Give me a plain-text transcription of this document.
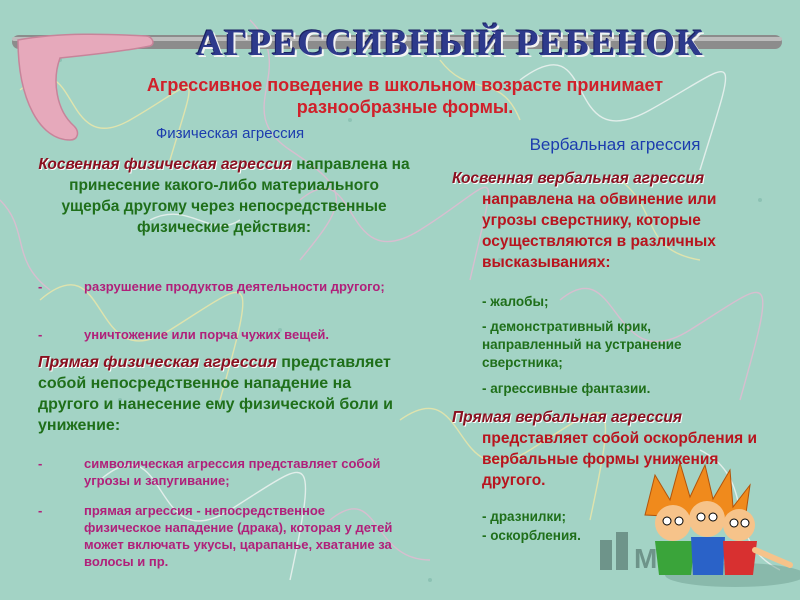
M
АГРЕССИВНЫЙ РЕБЕНОК
Агрессивное поведение в школьном возрасте принимает
разнообразные формы.
Физическая агрессия
Косвенная физическая агрессия направлена на принесение какого-либо материального ущерба другому через непосредственные физические действия:
-	разрушение продуктов деятельности другого;
-	уничтожение или порча чужих вещей.
Прямая физическая агрессия представляет собой непосредственное нападение на другого и нанесение ему физической боли и унижение:
-	символическая агрессия представляет собой угрозы и запугивание;
-	прямая агрессия - непосредственное физическое нападение (драка), которая у детей может включать укусы, царапанье, хватание за волосы и пр.
Вербальная агрессия
Косвенная вербальная агрессия
направлена на обвинение или угрозы сверстнику, которые осуществляются в различных высказываниях:
- жалобы;
- демонстративный крик, направленный на устранение сверстника;
- агрессивные фантазии.
Прямая вербальная агрессия
представляет собой оскорбления и вербальные формы унижения другого.
- дразнилки;
- оскорбления.
